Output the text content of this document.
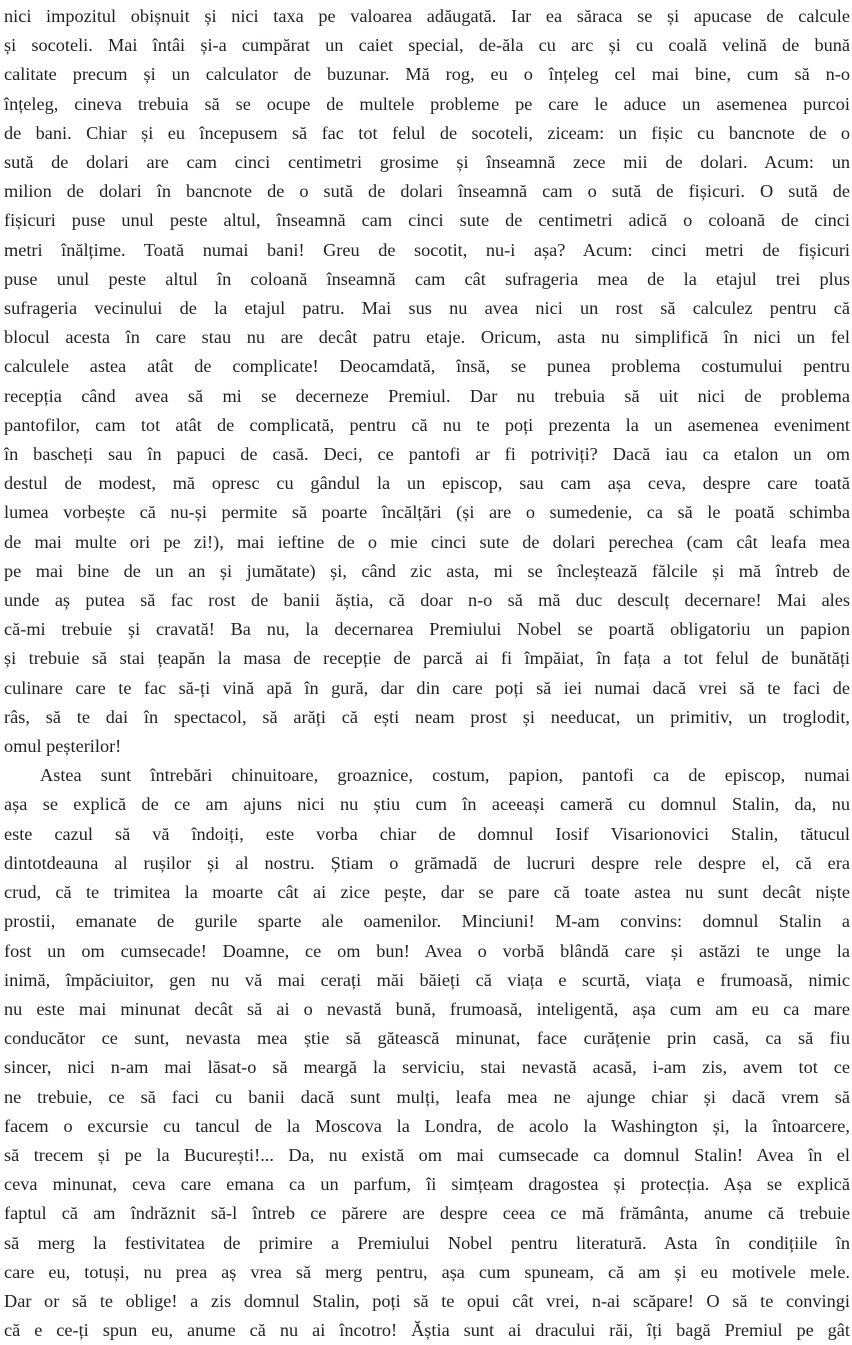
nici impozitul obișnuit și nici taxa pe valoarea adăugată. Iar ea săraca se și apucase de calcule
și socoteli. Mai întâi și-a cumpărat un caiet special, de-ăla cu arc și cu coală velină de bună
calitate precum și un calculator de buzunar. Mă rog, eu o înțeleg cel mai bine, cum să n-o
înțeleg, cineva trebuia să se ocupe de multele probleme pe care le aduce un asemenea purcoi
de bani. Chiar și eu începusem să fac tot felul de socoteli, ziceam: un fișic cu bancnote de o
sută de dolari are cam cinci centimetri grosime și înseamnă zece mii de dolari. Acum: un
milion de dolari în bancnote de o sută de dolari înseamnă cam o sută de fișicuri. O sută de
fișicuri puse unul peste altul, înseamnă cam cinci sute de centimetri adică o coloană de cinci
metri înălțime. Toată numai bani! Greu de socotit, nu-i așa? Acum: cinci metri de fișicuri
puse unul peste altul în coloană înseamnă cam cât sufrageria mea de la etajul trei plus
sufrageria vecinului de la etajul patru. Mai sus nu avea nici un rost să calculez pentru că
blocul acesta în care stau nu are decât patru etaje. Oricum, asta nu simplifică în nici un fel
calculele astea atât de complicate! Deocamdată, însă, se punea problema costumului pentru
recepția când avea să mi se decerneze Premiul. Dar nu trebuia să uit nici de problema
pantofilor, cam tot atât de complicată, pentru că nu te poți prezenta la un asemenea eveniment
în bascheți sau în papuci de casă. Deci, ce pantofi ar fi potriviți? Dacă iau ca etalon un om
destul de modest, mă opresc cu gândul la un episcop, sau cam așa ceva, despre care toată
lumea vorbește că nu-și permite să poarte încălțări (și are o sumedenie, ca să le poată schimba
de mai multe ori pe zi!), mai ieftine de o mie cinci sute de dolari perechea (cam cât leafa mea
pe mai bine de un an și jumătate) și, când zic asta, mi se încleștează fălcile și mă întreb de
unde aș putea să fac rost de banii ăștia, că doar n-o să mă duc desculț decernare! Mai ales
că-mi trebuie și cravată! Ba nu, la decernarea Premiului Nobel se poartă obligatoriu un papion
și trebuie să stai țeapăn la masa de recepție de parcă ai fi împăiat, în fața a tot felul de bunătăți
culinare care te fac să-ți vină apă în gură, dar din care poți să iei numai dacă vrei să te faci de
râs, să te dai în spectacol, să arăți că ești neam prost și needucat, un primitiv, un troglodit,
omul peșterilor!
Astea sunt întrebări chinuitoare, groaznice, costum, papion, pantofi ca de episcop, numai
așa se explică de ce am ajuns nici nu știu cum în aceeași cameră cu domnul Stalin, da, nu
este cazul să vă îndoiți, este vorba chiar de domnul Iosif Visarionovici Stalin, tătucul
dintotdeauna al rușilor și al nostru. Știam o grămadă de lucruri despre rele despre el, că era
crud, că te trimitea la moarte cât ai zice pește, dar se pare că toate astea nu sunt decât niște
prostii, emanate de gurile sparte ale oamenilor. Minciuni! M-am convins: domnul Stalin a
fost un om cumsecade! Doamne, ce om bun! Avea o vorbă blândă care și astăzi te unge la
inimă, împăciuitor, gen nu vă mai cerați măi băieți că viața e scurtă, viața e frumoasă, nimic
nu este mai minunat decât să ai o nevastă bună, frumoasă, inteligentă, așa cum am eu ca mare
conducător ce sunt, nevasta mea știe să gătească minunat, face curățenie prin casă, ca să fiu
sincer, nici n-am mai lăsat-o să meargă la serviciu, stai nevastă acasă, i-am zis, avem tot ce
ne trebuie, ce să faci cu banii dacă sunt mulți, leafa mea ne ajunge chiar și dacă vrem să
facem o excursie cu tancul de la Moscova la Londra, de acolo la Washington și, la întoarcere,
să trecem și pe la București!... Da, nu există om mai cumsecade ca domnul Stalin! Avea în el
ceva minunat, ceva care emana ca un parfum, îi simțeam dragostea și protecția. Așa se explică
faptul că am îndrăznit să-l întreb ce părere are despre ceea ce mă frământa, anume că trebuie
să merg la festivitatea de primire a Premiului Nobel pentru literatură. Asta în condițiile în
care eu, totuși, nu prea aș vrea să merg pentru, așa cum spuneam, că am și eu motivele mele.
Dar or să te oblige! a zis domnul Stalin, poți să te opui cât vrei, n-ai scăpare! O să te convingi
că e ce-ți spun eu, anume că nu ai încotro! Ăștia sunt ai dracului răi, îți bagă Premiul pe gât
